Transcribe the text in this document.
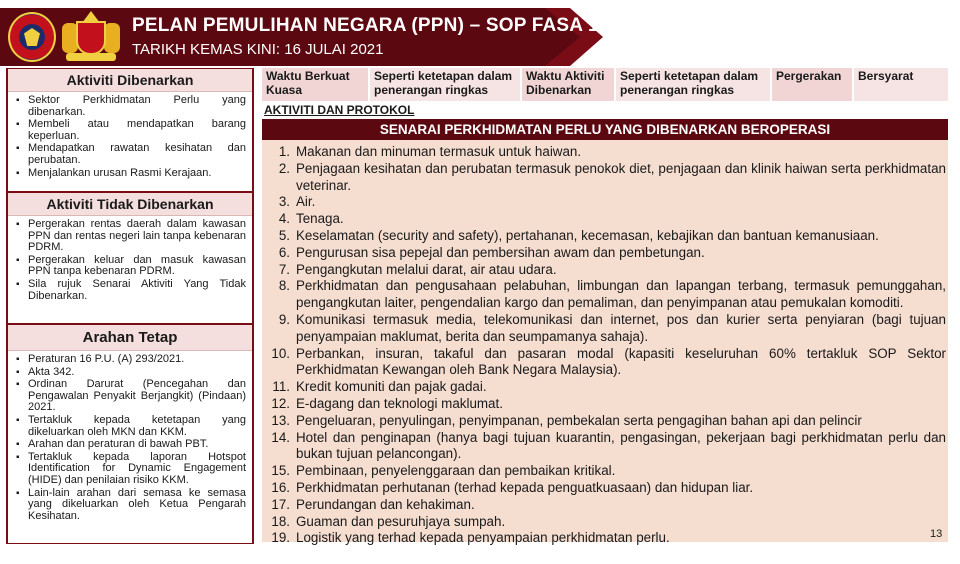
PELAN PEMULIHAN NEGARA (PPN) – SOP FASA 1
TARIKH KEMAS KINI: 16 JULAI 2021
Aktiviti Dibenarkan
▪ Sektor Perkhidmatan Perlu yang dibenarkan.
▪ Membeli atau mendapatkan barang keperluan.
▪ Mendapatkan rawatan kesihatan dan perubatan.
▪ Menjalankan urusan Rasmi Kerajaan.
Aktiviti Tidak Dibenarkan
▪ Pergerakan rentas daerah dalam kawasan PPN dan rentas negeri lain tanpa kebenaran PDRM.
▪ Pergerakan keluar dan masuk kawasan PPN tanpa kebenaran PDRM.
▪ Sila rujuk Senarai Aktiviti Yang Tidak Dibenarkan.
Arahan Tetap
▪ Peraturan 16 P.U. (A) 293/2021.
▪ Akta 342.
▪ Ordinan Darurat (Pencegahan dan Pengawalan Penyakit Berjangkit) (Pindaan) 2021.
▪ Tertakluk kepada ketetapan yang dikeluarkan oleh MKN dan KKM.
▪ Arahan dan peraturan di bawah PBT.
▪ Tertakluk kepada laporan Hotspot Identification for Dynamic Engagement (HIDE) dan penilaian risiko KKM.
▪ Lain-lain arahan dari semasa ke semasa yang dikeluarkan oleh Ketua Pengarah Kesihatan.
Waktu Berkuat Kuasa
Seperti ketetapan dalam penerangan ringkas
Waktu Aktiviti Dibenarkan
Seperti ketetapan dalam penerangan ringkas
Pergerakan	Bersyarat
AKTIVITI DAN PROTOKOL
SENARAI PERKHIDMATAN PERLU YANG DIBENARKAN BEROPERASI
1. Makanan dan minuman termasuk untuk haiwan.
2. Penjagaan kesihatan dan perubatan termasuk penokok diet, penjagaan dan klinik haiwan serta perkhidmatan veterinar.
3. Air.
4. Tenaga.
5. Keselamatan (security and safety), pertahanan, kecemasan, kebajikan dan bantuan kemanusiaan.
6. Pengurusan sisa pepejal dan pembersihan awam dan pembetungan.
7. Pengangkutan melalui darat, air atau udara.
8. Perkhidmatan dan pengusahaan pelabuhan, limbungan dan lapangan terbang, termasuk pemunggahan, pengangkutan laiter, pengendalian kargo dan pemaliman, dan penyimpanan atau pemukalan komoditi.
9. Komunikasi termasuk media, telekomunikasi dan internet, pos dan kurier serta penyiaran (bagi tujuan penyampaian maklumat, berita dan seumpamanya sahaja).
10. Perbankan, insuran, takaful dan pasaran modal (kapasiti keseluruhan 60% tertakluk SOP Sektor Perkhidmatan Kewangan oleh Bank Negara Malaysia).
11. Kredit komuniti dan pajak gadai.
12. E-dagang dan teknologi maklumat.
13. Pengeluaran, penyulingan, penyimpanan, pembekalan serta pengagihan bahan api dan pelincir
14. Hotel dan penginapan (hanya bagi tujuan kuarantin, pengasingan, pekerjaan bagi perkhidmatan perlu dan bukan tujuan pelancongan).
15. Pembinaan, penyelenggaraan dan pembaikan kritikal.
16. Perkhidmatan perhutanan (terhad kepada penguatkuasaan) dan hidupan liar.
17. Perundangan dan kehakiman.
18. Guaman dan pesuruhjaya sumpah.
19. Logistik yang terhad kepada penyampaian perkhidmatan perlu.	13
